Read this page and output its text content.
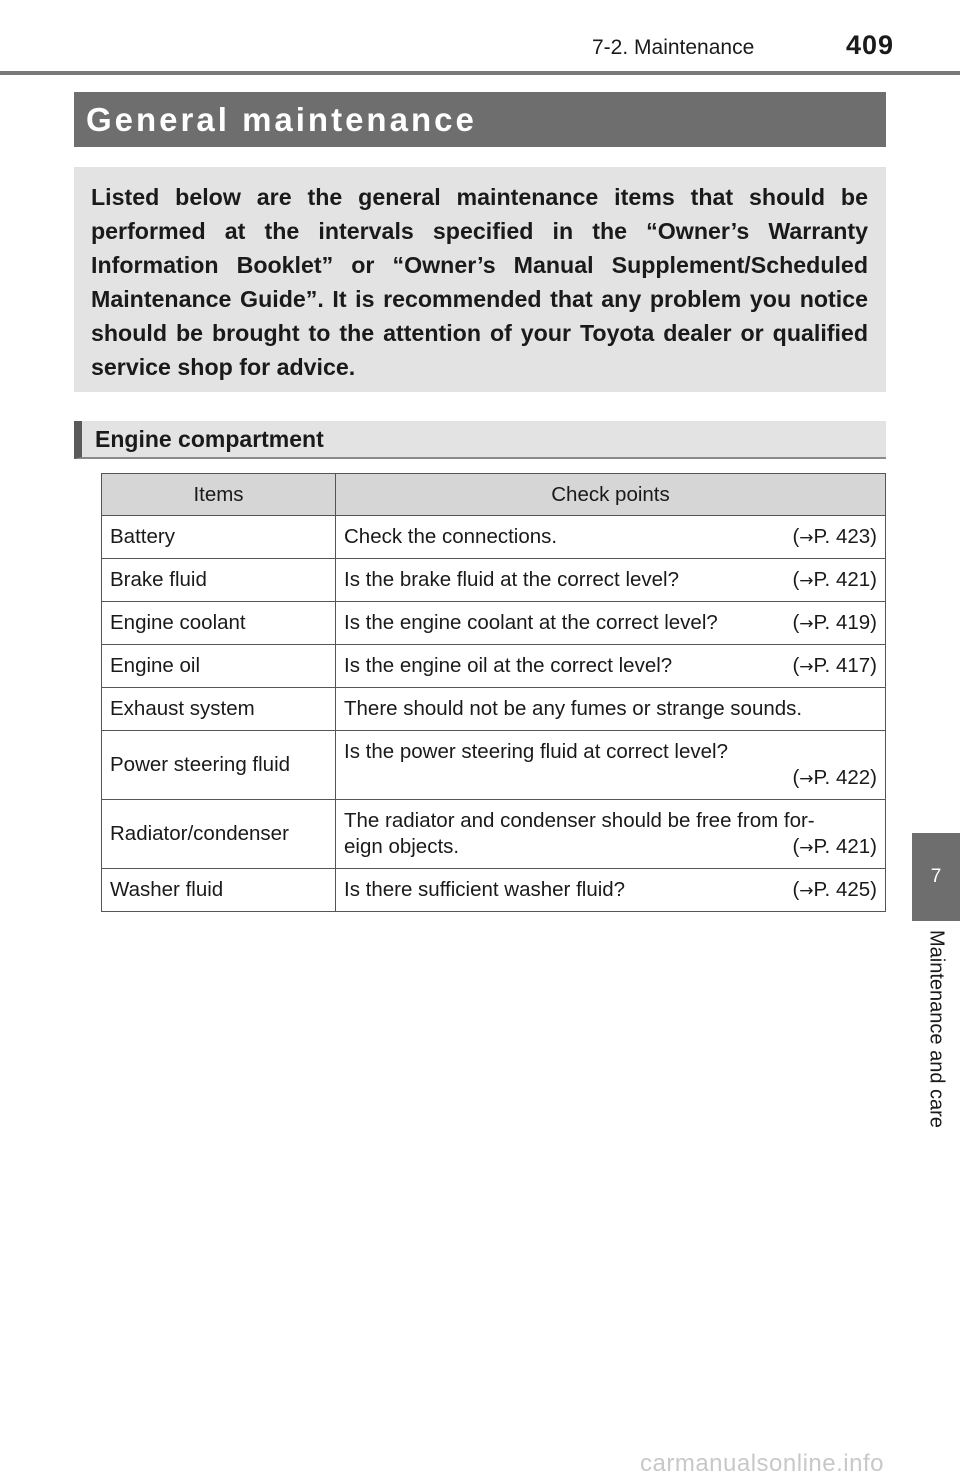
7-2. Maintenance	409
General maintenance

Listed below are the general maintenance items that should be performed at the intervals specified in the “Owner’s Warranty Information Booklet” or “Owner’s Manual Supplement/Scheduled Maintenance Guide”. It is recommended that any problem you notice should be brought to the attention of your Toyota dealer or qualified service shop for advice.

Engine compartment
Items	Check points
Battery	Check the connections. (→P. 423)

Brake fluid	Is the brake fluid at the correct level? (→P. 421)

Engine coolant	Is the engine coolant at the correct level? (→P. 419)

Engine oil	Is the engine oil at the correct level? (→P. 417)

Exhaust system	There should not be any fumes or strange sounds.
Power steering fluid	Is the power steering fluid at correct level?
(→P. 422)

Radiator/condenser	The radiator and condenser should be free from for-
eign objects. (→P. 421)

Washer fluid	Is there sufficient washer fluid? (→P. 425)
7
Maintenance and care
carmanualsonline.info
